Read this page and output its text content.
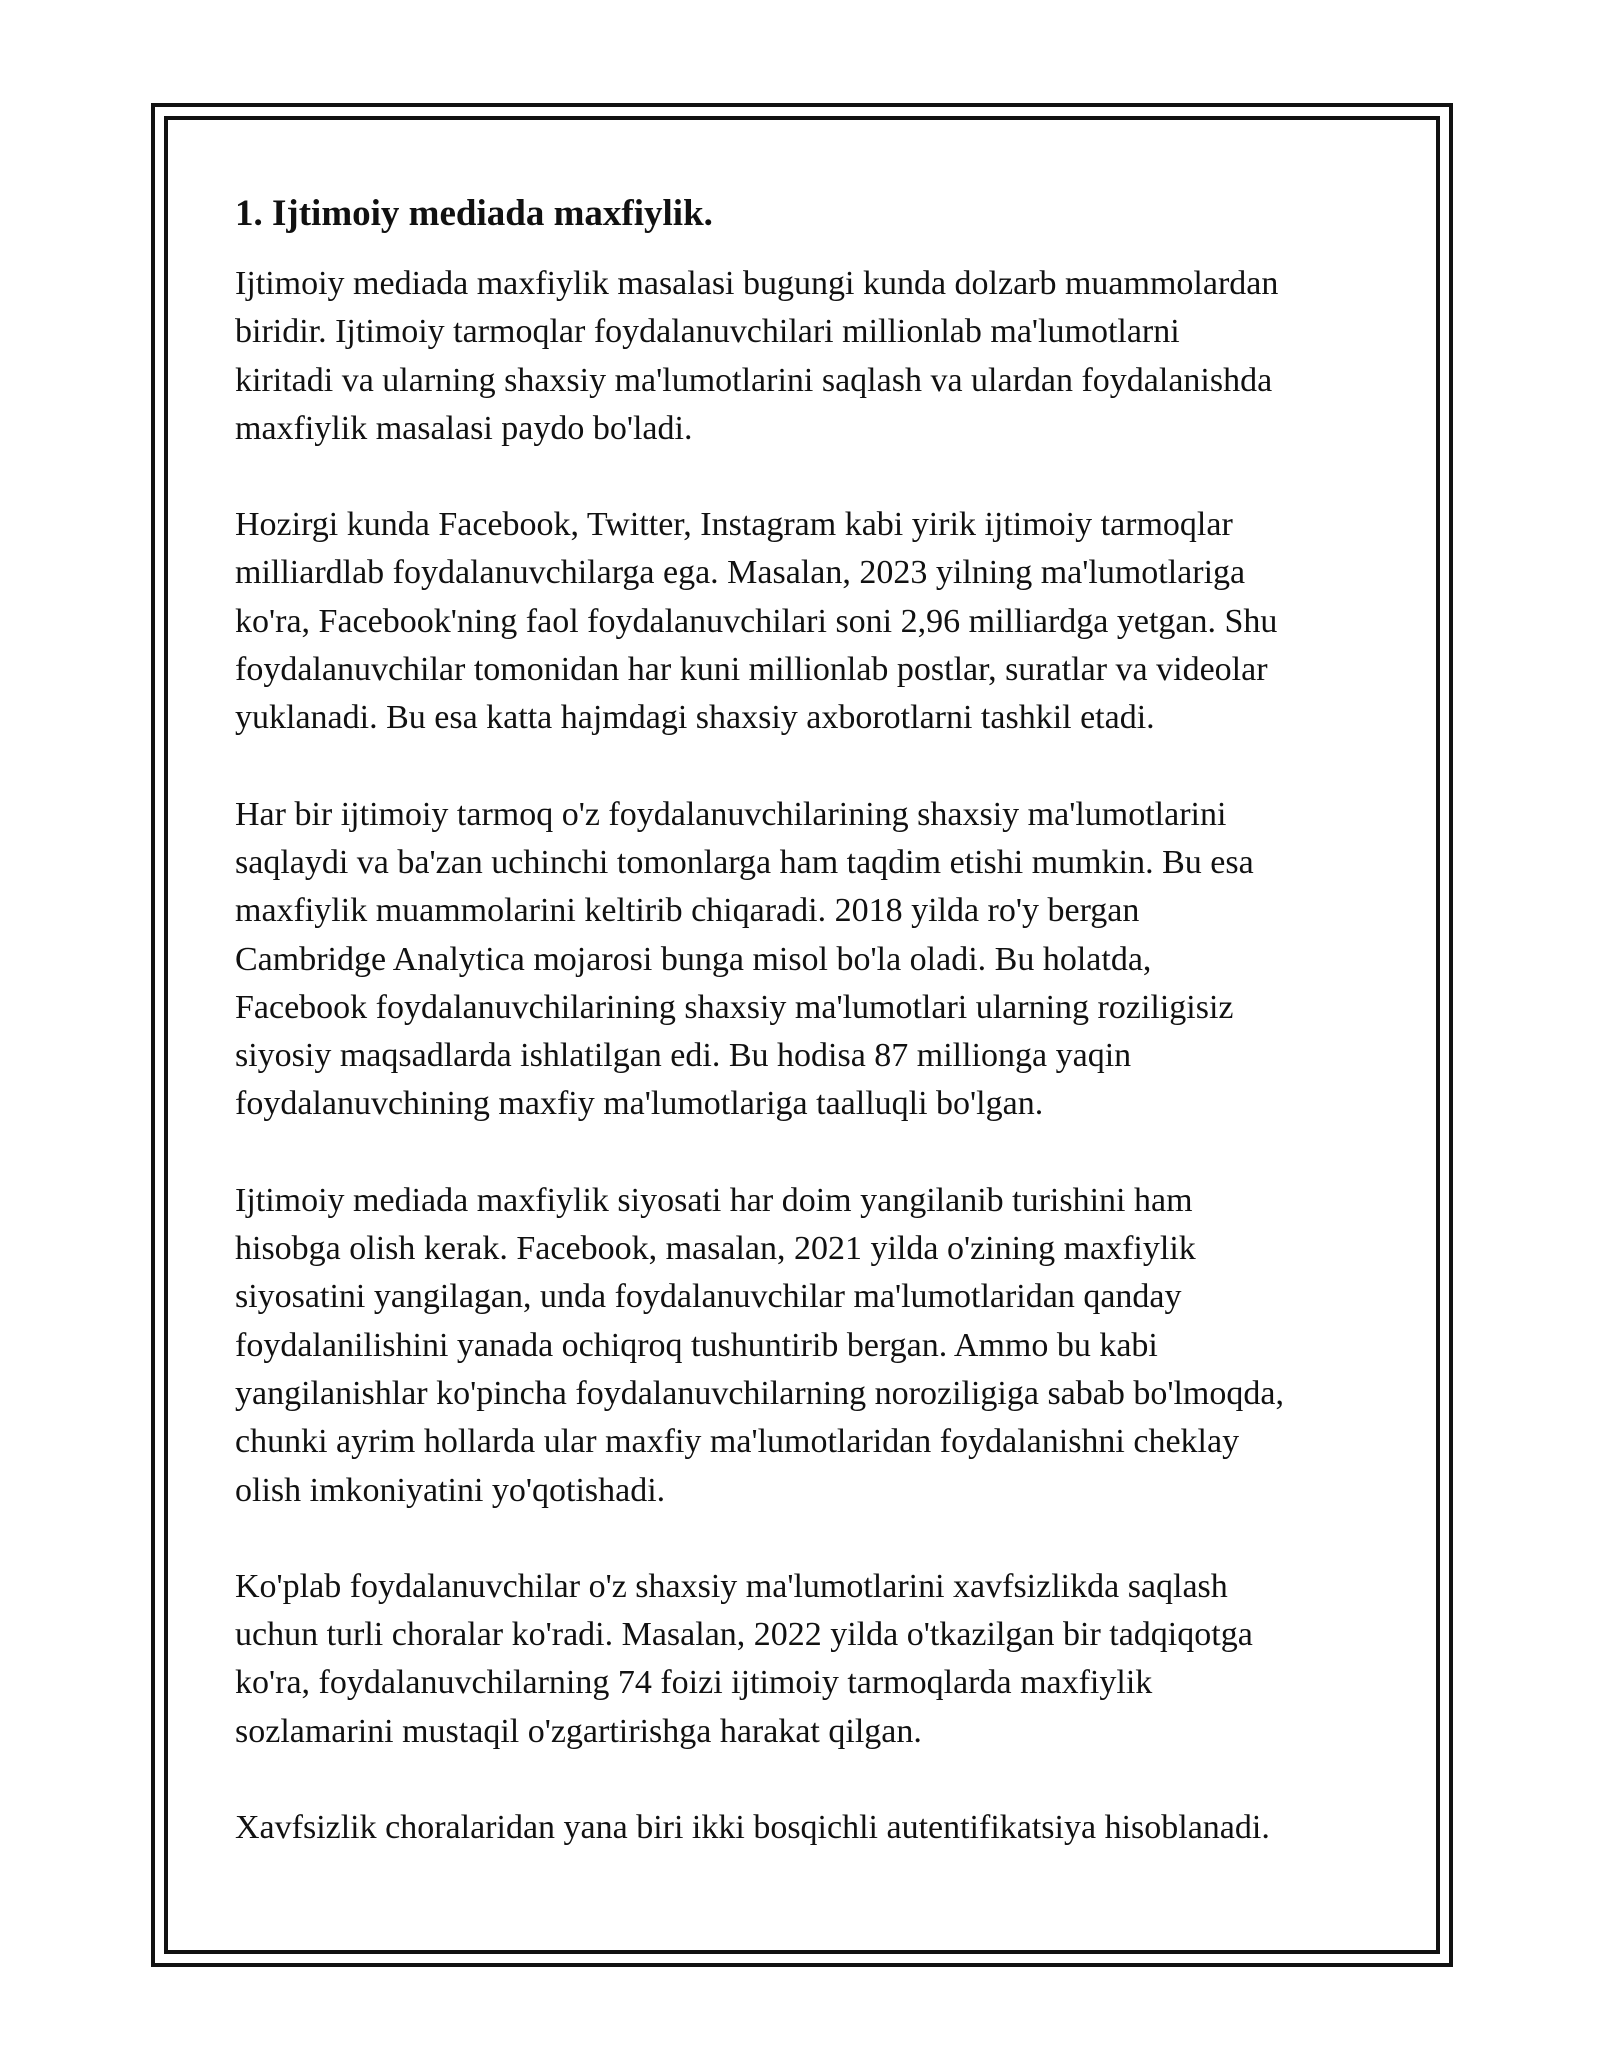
1. Ijtimoiy mediada maxfiylik.

Ijtimoiy mediada maxfiylik masalasi bugungi kunda dolzarb muammolardan
biridir. Ijtimoiy tarmoqlar foydalanuvchilari millionlab ma'lumotlarni
kiritadi va ularning shaxsiy ma'lumotlarini saqlash va ulardan foydalanishda
maxfiylik masalasi paydo bo'ladi.

Hozirgi kunda Facebook, Twitter, Instagram kabi yirik ijtimoiy tarmoqlar
milliardlab foydalanuvchilarga ega. Masalan, 2023 yilning ma'lumotlariga
ko'ra, Facebook'ning faol foydalanuvchilari soni 2,96 milliardga yetgan. Shu
foydalanuvchilar tomonidan har kuni millionlab postlar, suratlar va videolar
yuklanadi. Bu esa katta hajmdagi shaxsiy axborotlarni tashkil etadi.

Har bir ijtimoiy tarmoq o'z foydalanuvchilarining shaxsiy ma'lumotlarini
saqlaydi va ba'zan uchinchi tomonlarga ham taqdim etishi mumkin. Bu esa
maxfiylik muammolarini keltirib chiqaradi. 2018 yilda ro'y bergan
Cambridge Analytica mojarosi bunga misol bo'la oladi. Bu holatda,
Facebook foydalanuvchilarining shaxsiy ma'lumotlari ularning roziligisiz
siyosiy maqsadlarda ishlatilgan edi. Bu hodisa 87 millionga yaqin
foydalanuvchining maxfiy ma'lumotlariga taalluqli bo'lgan.

Ijtimoiy mediada maxfiylik siyosati har doim yangilanib turishini ham
hisobga olish kerak. Facebook, masalan, 2021 yilda o'zining maxfiylik
siyosatini yangilagan, unda foydalanuvchilar ma'lumotlaridan qanday
foydalanilishini yanada ochiqroq tushuntirib bergan. Ammo bu kabi
yangilanishlar ko'pincha foydalanuvchilarning noroziligiga sabab bo'lmoqda,
chunki ayrim hollarda ular maxfiy ma'lumotlaridan foydalanishni cheklay
olish imkoniyatini yo'qotishadi.

Ko'plab foydalanuvchilar o'z shaxsiy ma'lumotlarini xavfsizlikda saqlash
uchun turli choralar ko'radi. Masalan, 2022 yilda o'tkazilgan bir tadqiqotga
ko'ra, foydalanuvchilarning 74 foizi ijtimoiy tarmoqlarda maxfiylik
sozlamarini mustaqil o'zgartirishga harakat qilgan.

Xavfsizlik choralaridan yana biri ikki bosqichli autentifikatsiya hisoblanadi.
